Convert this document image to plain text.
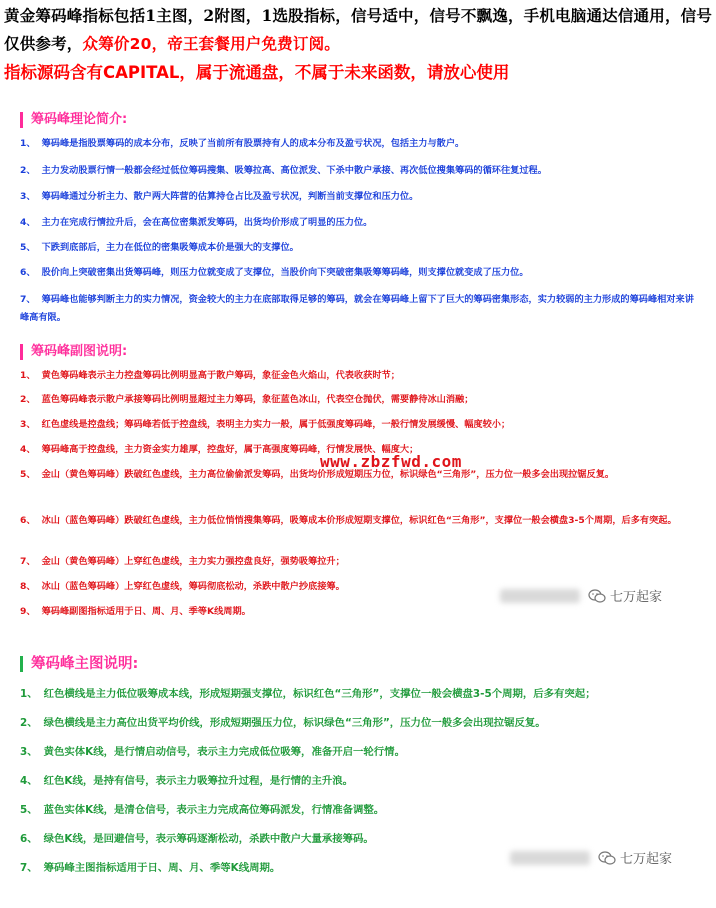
黄金筹码峰指标包括1主图，2附图，1选股指标，信号适中，信号不飘逸，手机电脑通达信通用，信号仅供参考，众筹价20，帝王套餐用户免费订阅。
指标源码含有CAPITAL，属于流通盘，不属于未来函数，请放心使用
筹码峰理论简介:
1、 筹码峰是指股票筹码的成本分布，反映了当前所有股票持有人的成本分布及盈亏状况，包括主力与散户。
2、 主力发动股票行情一般都会经过低位筹码搜集、吸筹拉高、高位派发、下杀中散户承接、再次低位搜集筹码的循环往复过程。
3、 筹码峰通过分析主力、散户两大阵营的估算持仓占比及盈亏状况，判断当前支撑位和压力位。
4、 主力在完成行情拉升后，会在高位密集派发筹码，出货均价形成了明显的压力位。
5、 下跌到底部后，主力在低位的密集吸筹成本价是强大的支撑位。
6、 股价向上突破密集出货筹码峰，则压力位就变成了支撑位，当股价向下突破密集吸筹筹码峰，则支撑位就变成了压力位。
7、 筹码峰也能够判断主力的实力情况，资金较大的主力在底部取得足够的筹码，就会在筹码峰上留下了巨大的筹码密集形态，实力较弱的主力形成的筹码峰相对来讲峰高有限。
筹码峰副图说明:
1、 黄色筹码峰表示主力控盘筹码比例明显高于散户筹码，象征金色火焰山，代表收获时节；
2、 蓝色筹码峰表示散户承接筹码比例明显超过主力筹码，象征蓝色冰山，代表空仓抛伏，需要静待冰山消融；
3、 红色虚线是控盘线；筹码峰若低于控盘线，表明主力实力一般，属于低强度筹码峰，一般行情发展缓慢、幅度较小；
4、 筹码峰高于控盘线，主力资金实力雄厚，控盘好，属于高强度筹码峰，行情发展快、幅度大；
5、 金山（黄色筹码峰）跌破红色虚线，主力高位偷偷派发筹码，出货均价形成短期压力位，标识绿色“三角形”，压力位一般多会出现拉锯反复。
6、 冰山（蓝色筹码峰）跌破红色虚线，主力低位悄悄搜集筹码，吸筹成本价形成短期支撑位，标识红色“三角形”，支撑位一般会横盘3-5个周期，后多有突起。
7、 金山（黄色筹码峰）上穿红色虚线，主力实力强控盘良好，强势吸筹拉升；
8、 冰山（蓝色筹码峰）上穿红色虚线，筹码彻底松动，杀跌中散户抄底接筹。
9、 筹码峰副图指标适用于日、周、月、季等K线周期。
www.zbzfwd.com
七万起家
筹码峰主图说明:
1、 红色横线是主力低位吸筹成本线，形成短期强支撑位，标识红色“三角形”，支撑位一般会横盘3-5个周期，后多有突起；
2、 绿色横线是主力高位出货平均价线，形成短期强压力位，标识绿色“三角形”，压力位一般多会出现拉锯反复。
3、 黄色实体K线，是行情启动信号，表示主力完成低位吸筹，准备开启一轮行情。
4、 红色K线，是持有信号，表示主力吸筹拉升过程，是行情的主升浪。
5、 蓝色实体K线，是清仓信号，表示主力完成高位筹码派发，行情准备调整。
6、 绿色K线，是回避信号，表示筹码逐渐松动，杀跌中散户大量承接筹码。
7、 筹码峰主图指标适用于日、周、月、季等K线周期。
七万起家
